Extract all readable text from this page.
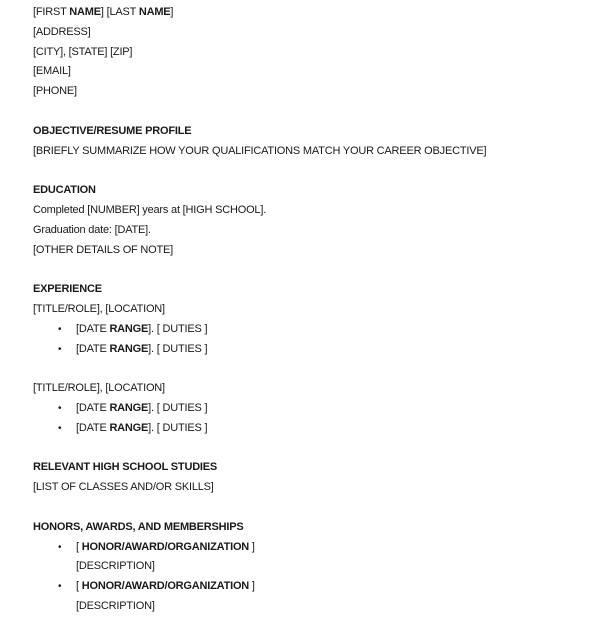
[FIRST NAME] [LAST NAME]

[ADDRESS]

[CITY], [STATE] [ZIP]

[EMAIL]

[PHONE]

OBJECTIVE/RESUME PROFILE

[BRIEFLY SUMMARIZE HOW YOUR QUALIFICATIONS MATCH YOUR CAREER OBJECTIVE]

EDUCATION

Completed [NUMBER] years at [HIGH SCHOOL].

Graduation date: [DATE].

[OTHER DETAILS OF NOTE]

EXPERIENCE

[TITLE/ROLE], [LOCATION]

• [DATE RANGE]. [ DUTIES ]
• [DATE RANGE]. [ DUTIES ]

[TITLE/ROLE], [LOCATION]

• [DATE RANGE]. [ DUTIES ]
• [DATE RANGE]. [ DUTIES ]

RELEVANT HIGH SCHOOL STUDIES

[LIST OF CLASSES AND/OR SKILLS]

HONORS, AWARDS, AND MEMBERSHIPS

• [ HONOR/AWARD/ORGANIZATION ]

[DESCRIPTION]

• [ HONOR/AWARD/ORGANIZATION ]

[DESCRIPTION]
